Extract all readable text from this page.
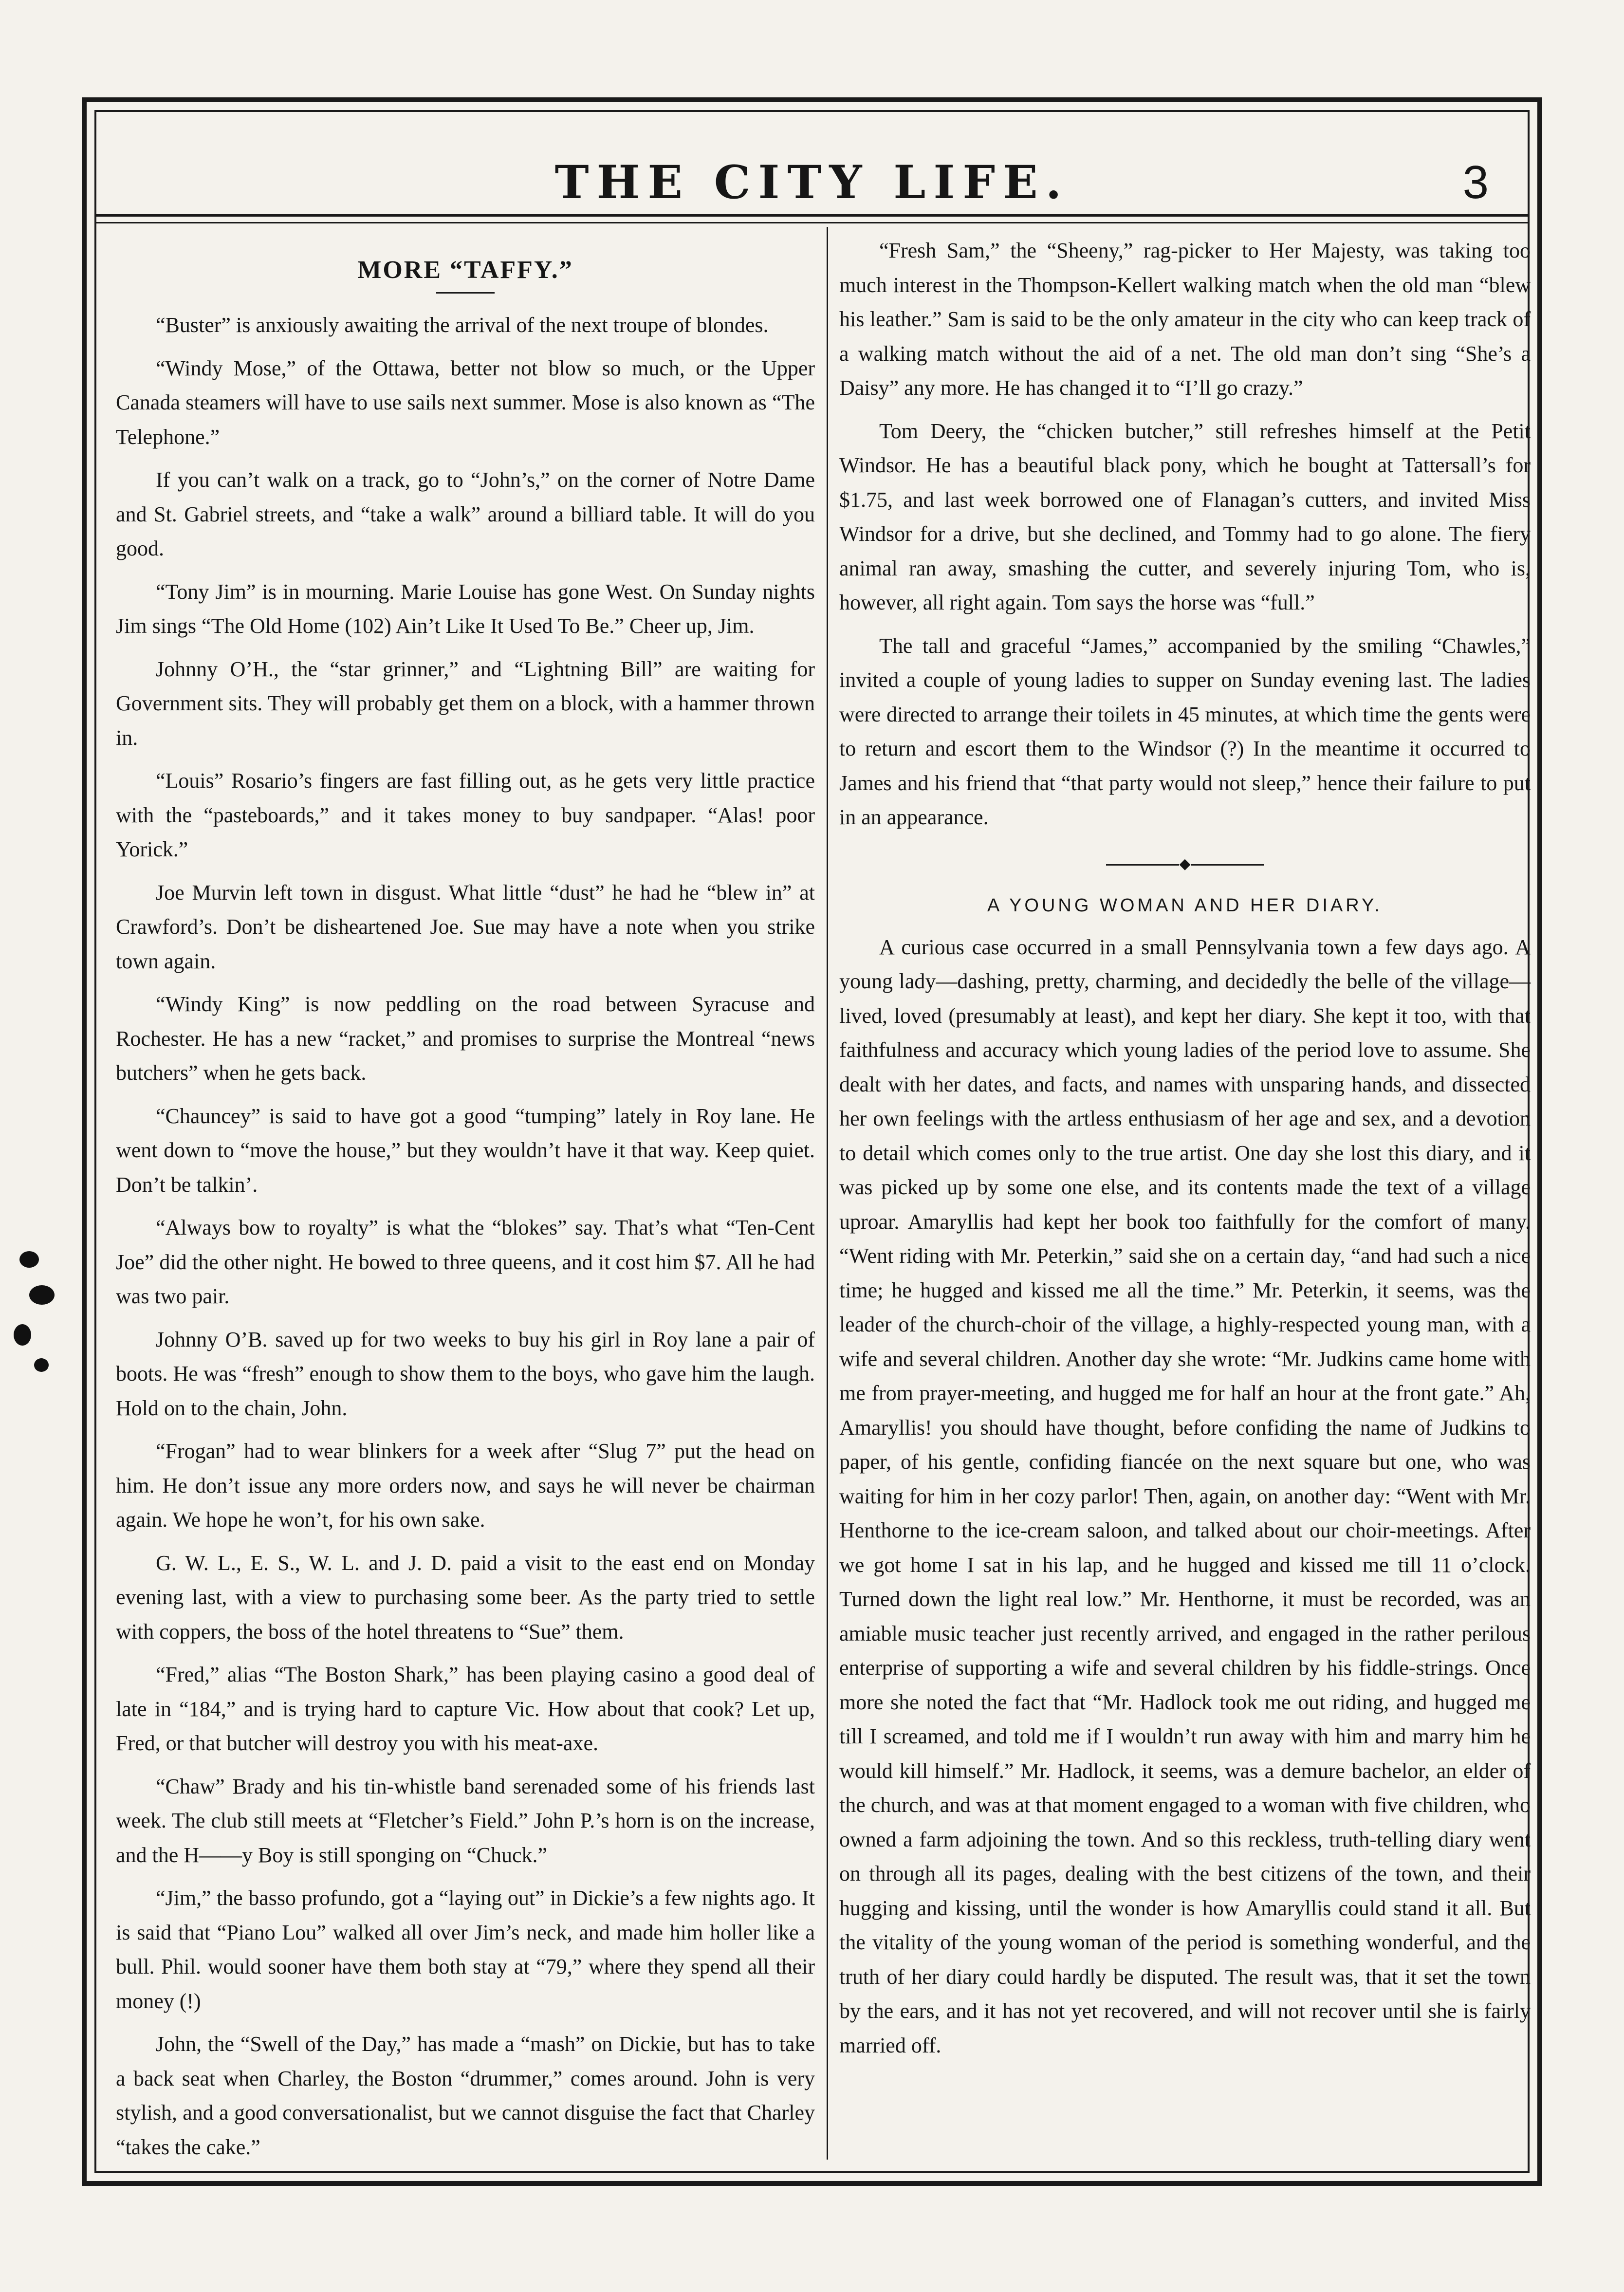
THE CITY LIFE.	3
MORE “TAFFY.”

“Buster” is anxiously awaiting the arrival of the next troupe of blondes.

“Windy Mose,” of the Ottawa, better not blow so much, or the Upper Canada steamers will have to use sails next summer. Mose is also known as “The Telephone.”

If you can’t walk on a track, go to “John’s,” on the corner of Notre Dame and St. Gabriel streets, and “take a walk” around a billiard table. It will do you good.

“Tony Jim” is in mourning. Marie Louise has gone West. On Sunday nights Jim sings “The Old Home (102) Ain’t Like It Used To Be.” Cheer up, Jim.

Johnny O’H., the “star grinner,” and “Lightning Bill” are waiting for Government sits. They will probably get them on a block, with a hammer thrown in.

“Louis” Rosario’s fingers are fast filling out, as he gets very little practice with the “pasteboards,” and it takes money to buy sandpaper. “Alas! poor Yorick.”

Joe Murvin left town in disgust. What little “dust” he had he “blew in” at Crawford’s. Don’t be disheartened Joe. Sue may have a note when you strike town again.

“Windy King” is now peddling on the road between Syracuse and Rochester. He has a new “racket,” and promises to surprise the Montreal “news butchers” when he gets back.

“Chauncey” is said to have got a good “tumping” lately in Roy lane. He went down to “move the house,” but they wouldn’t have it that way. Keep quiet. Don’t be talkin’.

“Always bow to royalty” is what the “blokes” say. That’s what “Ten-Cent Joe” did the other night. He bowed to three queens, and it cost him $7. All he had was two pair.

Johnny O’B. saved up for two weeks to buy his girl in Roy lane a pair of boots. He was “fresh” enough to show them to the boys, who gave him the laugh. Hold on to the chain, John.

“Frogan” had to wear blinkers for a week after “Slug 7” put the head on him. He don’t issue any more orders now, and says he will never be chairman again. We hope he won’t, for his own sake.

G. W. L., E. S., W. L. and J. D. paid a visit to the east end on Monday evening last, with a view to purchasing some beer. As the party tried to settle with coppers, the boss of the hotel threatens to “Sue” them.

“Fred,” alias “The Boston Shark,” has been playing casino a good deal of late in “184,” and is trying hard to capture Vic. How about that cook? Let up, Fred, or that butcher will destroy you with his meat-axe.

“Chaw” Brady and his tin-whistle band serenaded some of his friends last week. The club still meets at “Fletcher’s Field.” John P.’s horn is on the increase, and the H——y Boy is still sponging on “Chuck.”

“Jim,” the basso profundo, got a “laying out” in Dickie’s a few nights ago. It is said that “Piano Lou” walked all over Jim’s neck, and made him holler like a bull. Phil. would sooner have them both stay at “79,” where they spend all their money (!)

John, the “Swell of the Day,” has made a “mash” on Dickie, but has to take a back seat when Charley, the Boston “drummer,” comes around. John is very stylish, and a good conversationalist, but we cannot disguise the fact that Charley “takes the cake.”

“Fresh Sam,” the “Sheeny,” rag-picker to Her Majesty, was taking too much interest in the Thompson-Kellert walking match when the old man “blew his leather.” Sam is said to be the only amateur in the city who can keep track of a walking match without the aid of a net. The old man don’t sing “She’s a Daisy” any more. He has changed it to “I’ll go crazy.”

Tom Deery, the “chicken butcher,” still refreshes himself at the Petit Windsor. He has a beautiful black pony, which he bought at Tattersall’s for $1.75, and last week borrowed one of Flanagan’s cutters, and invited Miss Windsor for a drive, but she declined, and Tommy had to go alone. The fiery animal ran away, smashing the cutter, and severely injuring Tom, who is, however, all right again. Tom says the horse was “full.”

The tall and graceful “James,” accompanied by the smiling “Chawles,” invited a couple of young ladies to supper on Sunday evening last. The ladies were directed to arrange their toilets in 45 minutes, at which time the gents were to return and escort them to the Windsor (?) In the meantime it occurred to James and his friend that “that party would not sleep,” hence their failure to put in an appearance.

◆
A YOUNG WOMAN AND HER DIARY.

A curious case occurred in a small Pennsylvania town a few days ago. A young lady—dashing, pretty, charming, and decidedly the belle of the village—lived, loved (presumably at least), and kept her diary. She kept it too, with that faithfulness and accuracy which young ladies of the period love to assume. She dealt with her dates, and facts, and names with unsparing hands, and dissected her own feelings with the artless enthusiasm of her age and sex, and a devotion to detail which comes only to the true artist. One day she lost this diary, and it was picked up by some one else, and its contents made the text of a village uproar. Amaryllis had kept her book too faithfully for the comfort of many. “Went riding with Mr. Peterkin,” said she on a certain day, “and had such a nice time; he hugged and kissed me all the time.” Mr. Peterkin, it seems, was the leader of the church-choir of the village, a highly-respected young man, with a wife and several children. Another day she wrote: “Mr. Judkins came home with me from prayer-meeting, and hugged me for half an hour at the front gate.” Ah, Amaryllis! you should have thought, before confiding the name of Judkins to paper, of his gentle, confiding fiancée on the next square but one, who was waiting for him in her cozy parlor! Then, again, on another day: “Went with Mr. Henthorne to the ice-cream saloon, and talked about our choir-meetings. After we got home I sat in his lap, and he hugged and kissed me till 11 o’clock. Turned down the light real low.” Mr. Henthorne, it must be recorded, was an amiable music teacher just recently arrived, and engaged in the rather perilous enterprise of supporting a wife and several children by his fiddle-strings. Once more she noted the fact that “Mr. Hadlock took me out riding, and hugged me till I screamed, and told me if I wouldn’t run away with him and marry him he would kill himself.” Mr. Hadlock, it seems, was a demure bachelor, an elder of the church, and was at that moment engaged to a woman with five children, who owned a farm adjoining the town. And so this reckless, truth-telling diary went on through all its pages, dealing with the best citizens of the town, and their hugging and kissing, until the wonder is how Amaryllis could stand it all. But the vitality of the young woman of the period is something wonderful, and the truth of her diary could hardly be disputed. The result was, that it set the town by the ears, and it has not yet recovered, and will not recover until she is fairly married off.
